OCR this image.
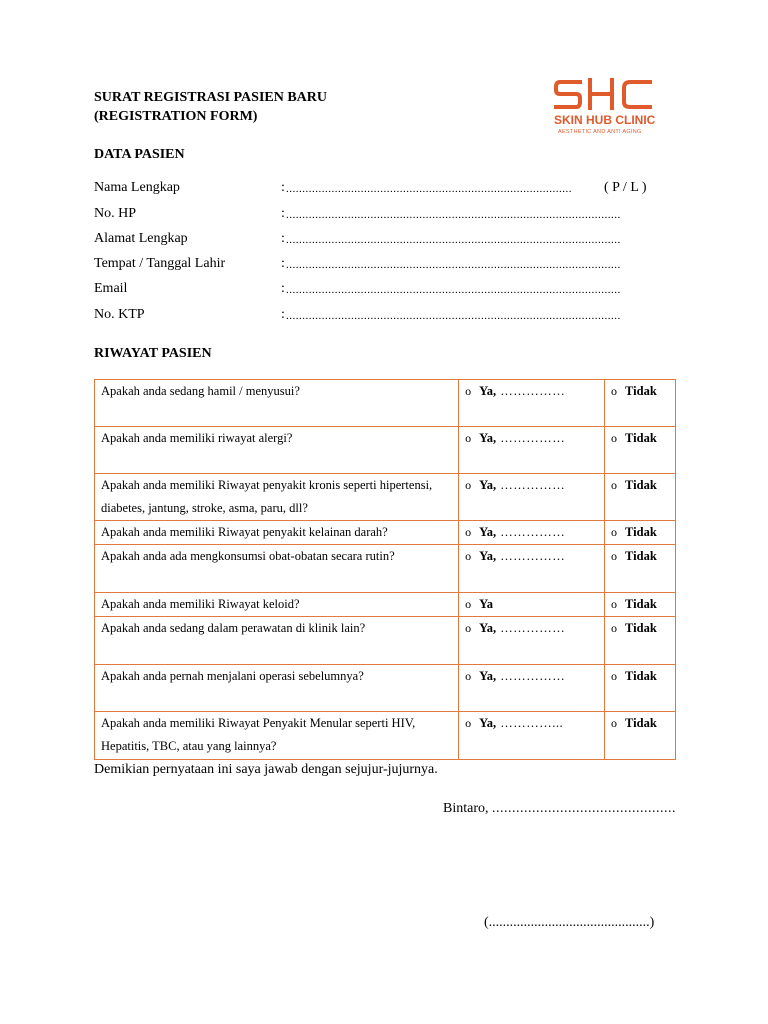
SURAT REGISTRASI PASIEN BARU
(REGISTRATION FORM)	SKIN HUB CLINIC
AESTHETIC AND ANTI AGING
DATA PASIEN
Nama Lengkap	: ........................................................................................ ( P / L )
No. HP	: .......................................................................................................
Alamat Lengkap	: .......................................................................................................
Tempat / Tanggal Lahir	: .......................................................................................................
Email	: .......................................................................................................
No. KTP	: .......................................................................................................
RIWAYAT PASIEN
Apakah anda sedang hamil / menyusui?	o Ya, ……………	o Tidak
Apakah anda memiliki riwayat alergi?	o Ya, ……………	o Tidak
Apakah anda memiliki Riwayat penyakit kronis seperti hipertensi, diabetes, jantung, stroke, asma, paru, dll?	o Ya, ……………	o Tidak
Apakah anda memiliki Riwayat penyakit kelainan darah?	o Ya, ……………	o Tidak
Apakah anda ada mengkonsumsi obat-obatan secara rutin?	o Ya, ……………	o Tidak
Apakah anda memiliki Riwayat keloid?	o Ya	o Tidak
Apakah anda sedang dalam perawatan di klinik lain?	o Ya, ……………	o Tidak
Apakah anda pernah menjalani operasi sebelumnya?	o Ya, ……………	o Tidak
Apakah anda memiliki Riwayat Penyakit Menular seperti HIV, Hepatitis, TBC, atau yang lainnya?	o Ya, …………...	o Tidak
Demikian pernyataan ini saya jawab dengan sejujur-jujurnya.
Bintaro, ..............................................
(..............................................)
